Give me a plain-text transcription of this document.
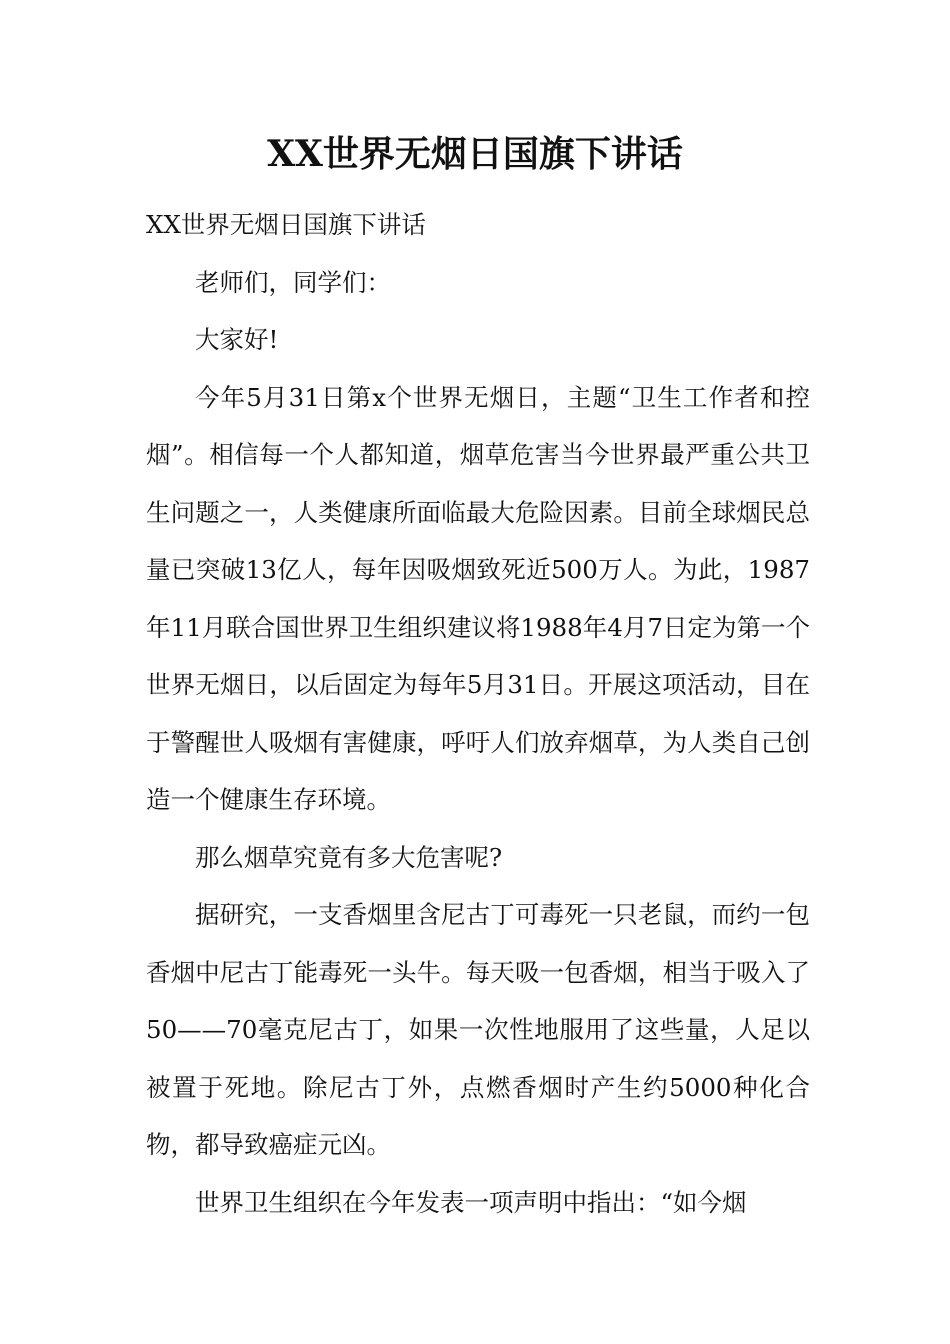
XX世界无烟日国旗下讲话

XX世界无烟日国旗下讲话

老师们，同学们：

大家好!

今年5月31日第x个世界无烟日，主题“卫生工作者和控烟”。相信每一个人都知道，烟草危害当今世界最严重公共卫生问题之一，人类健康所面临最大危险因素。目前全球烟民总量已突破13亿人，每年因吸烟致死近500万人。为此，1987年11月联合国世界卫生组织建议将1988年4月7日定为第一个世界无烟日，以后固定为每年5月31日。开展这项活动，目在于警醒世人吸烟有害健康，呼吁人们放弃烟草，为人类自己创造一个健康生存环境。

那么烟草究竟有多大危害呢?

据研究，一支香烟里含尼古丁可毒死一只老鼠，而约一包香烟中尼古丁能毒死一头牛。每天吸一包香烟，相当于吸入了50——70毫克尼古丁，如果一次性地服用了这些量，人足以被置于死地。除尼古丁外，点燃香烟时产生约5000种化合物，都导致癌症元凶。

世界卫生组织在今年发表一项声明中指出：“如今烟
